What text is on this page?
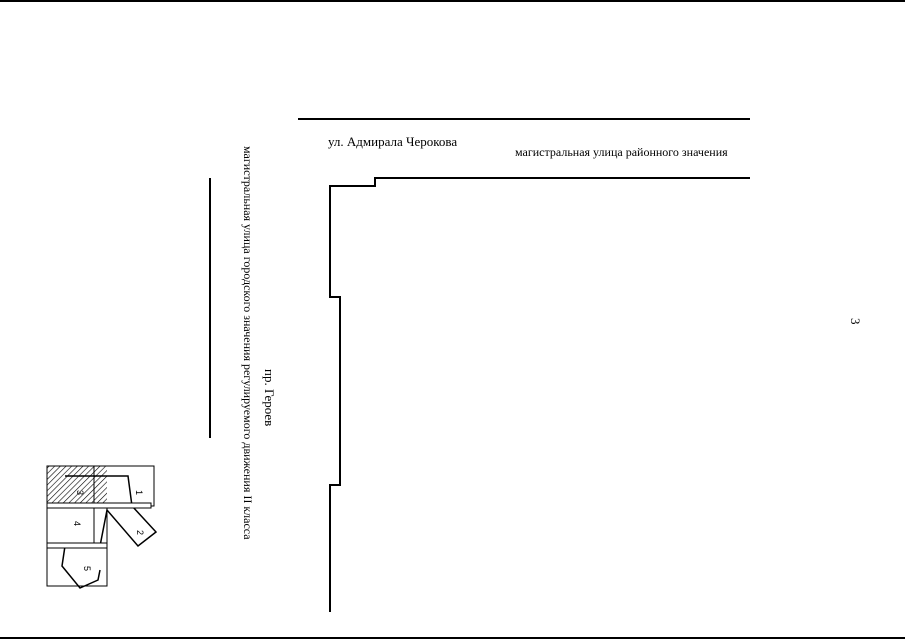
ул. Адмирала Черокова
магистральная улица районного значения
пр. Героев
магистральная улица городского значения регулируемого движения II класса	3
1
2
3
4
5
